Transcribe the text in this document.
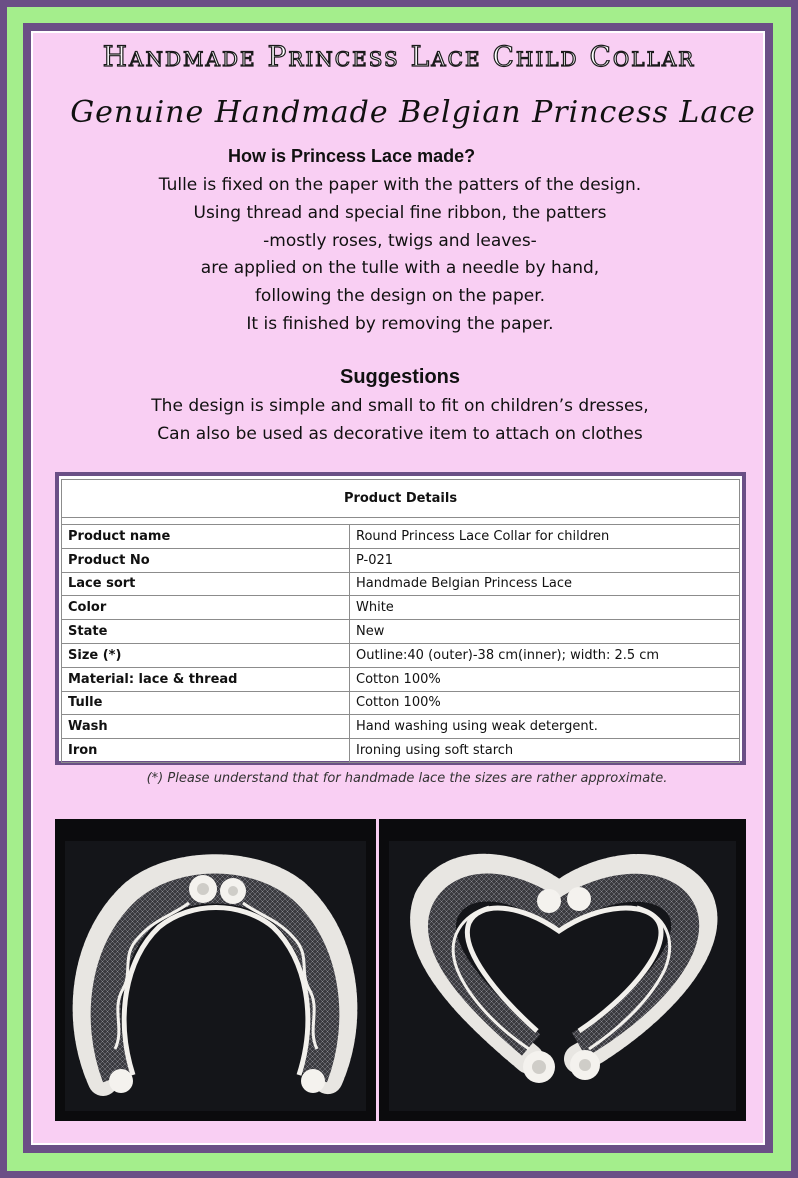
Handmade Princess Lace Child Collar
Genuine Handmade Belgian Princess Lace
How is Princess Lace made?
Tulle is fixed on the paper with the patters of the design.
Using thread and special fine ribbon, the patters
-mostly roses, twigs and leaves-
are applied on the tulle with a needle by hand,
following the design on the paper.
It is finished by removing the paper.
Suggestions
The design is simple and small to fit on children’s dresses,
Can also be used as decorative item to attach on clothes
Product Details	

Product name	Round Princess Lace Collar for children
Product No	P-021
Lace sort	Handmade Belgian Princess Lace
Color	White
State	New
Size (*)	Outline:40 (outer)-38 cm(inner); width: 2.5 cm
Material: lace & thread	Cotton 100%
Tulle	Cotton 100%
Wash	Hand washing using weak detergent.
Iron	Ironing using soft starch
(*) Please understand that for handmade lace the sizes are rather approximate.
